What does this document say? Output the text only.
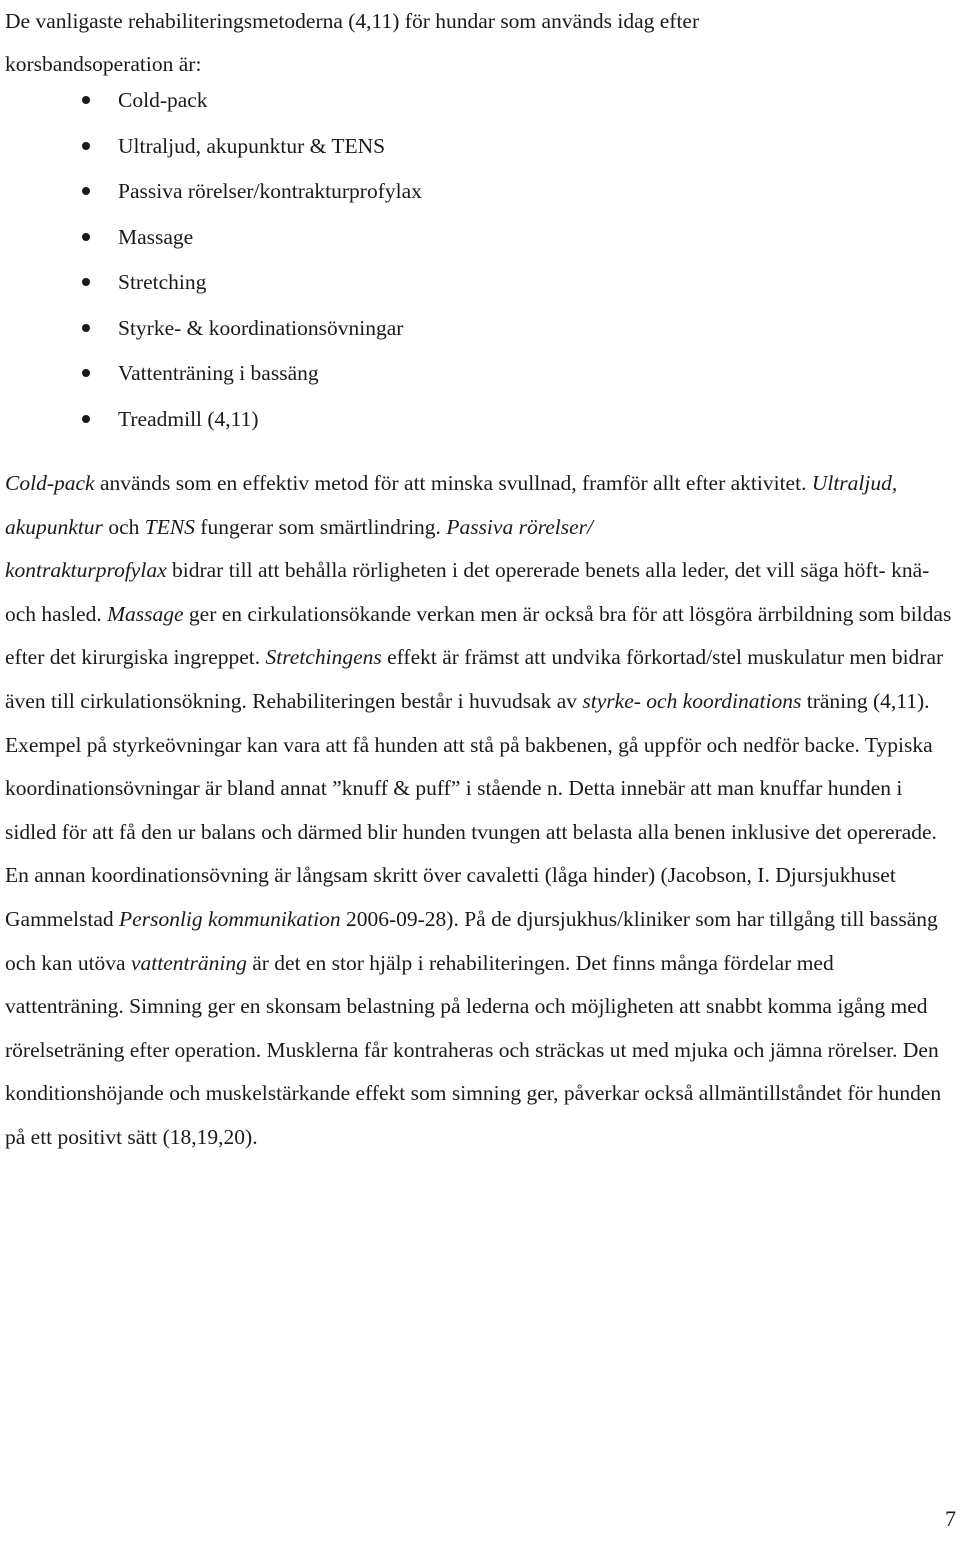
De vanligaste rehabiliteringsmetoderna (4,11) för hundar som används idag efter
korsbandsoperation är:

Cold-pack
Ultraljud, akupunktur & TENS
Passiva rörelser/kontrakturprofylax
Massage
Stretching
Styrke- & koordinationsövningar
Vattenträning i bassäng
Treadmill (4,11)

Cold-pack används som en effektiv metod för att minska svullnad, framför allt efter aktivitet. Ultraljud, akupunktur och TENS fungerar som smärtlindring. Passiva rörelser/
kontrakturprofylax bidrar till att behålla rörligheten i det opererade benets alla leder, det vill säga höft- knä- och hasled. Massage ger en cirkulationsökande verkan men är också bra för att lösgöra ärrbildning som bildas efter det kirurgiska ingreppet. Stretchingens effekt är främst att undvika förkortad/stel muskulatur men bidrar även till cirkulationsökning. Rehabiliteringen består i huvudsak av styrke- och koordinations träning (4,11). Exempel på styrkeövningar kan vara att få hunden att stå på bakbenen, gå uppför och nedför backe. Typiska koordinationsövningar är bland annat ”knuff & puff” i stående n. Detta innebär att man knuffar hunden i sidled för att få den ur balans och därmed blir hunden tvungen att belasta alla benen inklusive det opererade. En annan koordinationsövning är långsam skritt över cavaletti (låga hinder) (Jacobson, I. Djursjukhuset Gammelstad Personlig kommunikation 2006-09-28). På de djursjukhus/kliniker som har tillgång till bassäng och kan utöva vattenträning är det en stor hjälp i rehabiliteringen. Det finns många fördelar med vattenträning. Simning ger en skonsam belastning på lederna och möjligheten att snabbt komma igång med rörelseträning efter operation. Musklerna får kontraheras och sträckas ut med mjuka och jämna rörelser. Den konditionshöjande och muskelstärkande effekt som simning ger, påverkar också allmäntillståndet för hunden på ett positivt sätt (18,19,20).

7
